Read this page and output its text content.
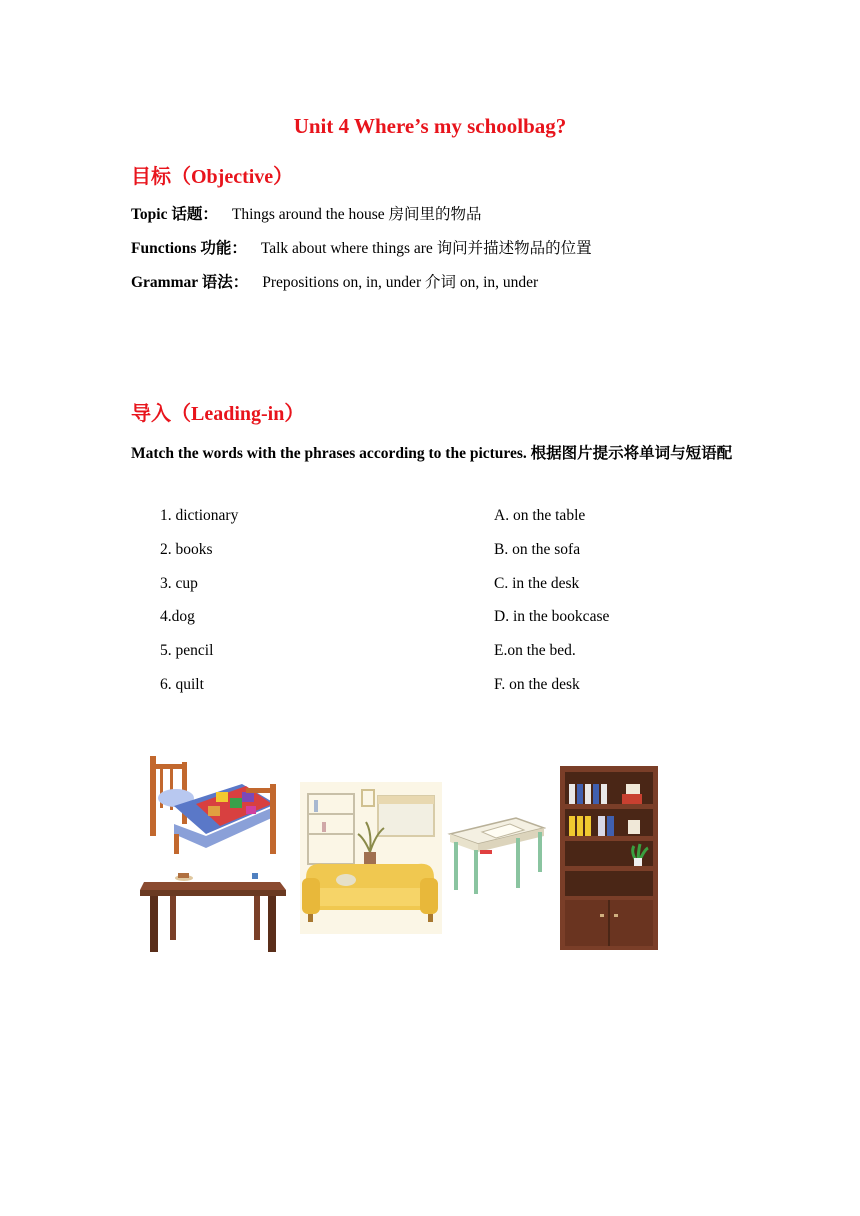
Unit 4 Where’s my schoolbag?
目标（Objective）
Topic 话题： Things around the house 房间里的物品
Functions 功能： Talk about where things are 询问并描述物品的位置
Grammar 语法： Prepositions on, in, under 介词 on, in, under
导入（Leading-in）
Match the words with the phrases according to the pictures. 根据图片提示将单词与短语配
1. dictionary
2. books
3. cup
4.dog
5. pencil
6. quilt
A. on the table
B. on the sofa
C. in the desk
D. in the bookcase
E.on the bed.
F. on the desk
